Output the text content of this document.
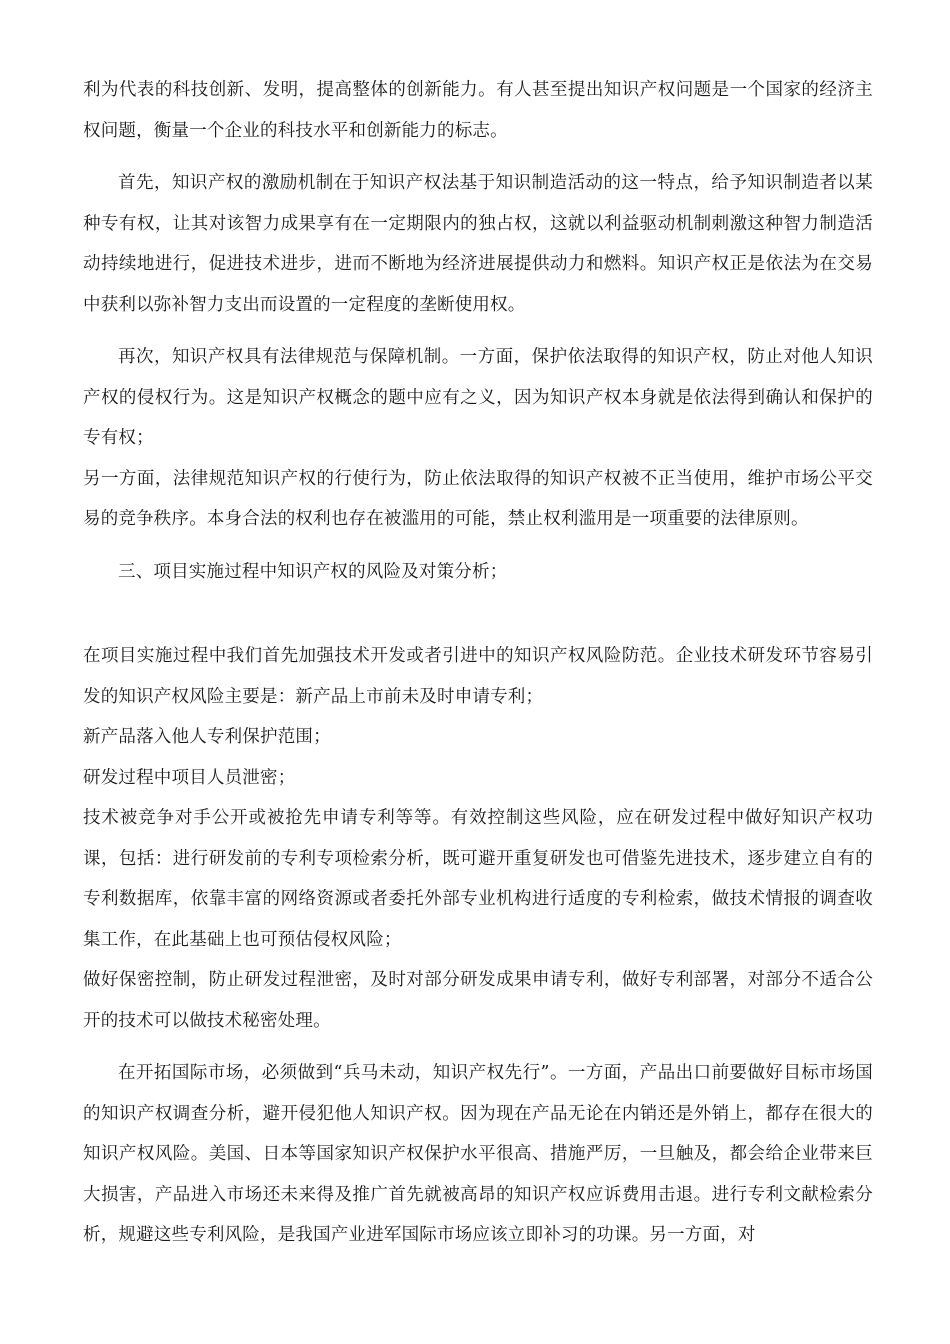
利为代表的科技创新、发明，提高整体的创新能力。有人甚至提出知识产权问题是一个国家的经济主权问题，衡量一个企业的科技水平和创新能力的标志。

首先，知识产权的激励机制在于知识产权法基于知识制造活动的这一特点，给予知识制造者以某种专有权，让其对该智力成果享有在一定期限内的独占权，这就以利益驱动机制刺激这种智力制造活动持续地进行，促进技术进步，进而不断地为经济进展提供动力和燃料。知识产权正是依法为在交易中获利以弥补智力支出而设置的一定程度的垄断使用权。

再次，知识产权具有法律规范与保障机制。一方面，保护依法取得的知识产权，防止对他人知识产权的侵权行为。这是知识产权概念的题中应有之义，因为知识产权本身就是依法得到确认和保护的专有权；

另一方面，法律规范知识产权的行使行为，防止依法取得的知识产权被不正当使用，维护市场公平交易的竞争秩序。本身合法的权利也存在被滥用的可能，禁止权利滥用是一项重要的法律原则。

三、项目实施过程中知识产权的风险及对策分析；

在项目实施过程中我们首先加强技术开发或者引进中的知识产权风险防范。企业技术研发环节容易引发的知识产权风险主要是：新产品上市前未及时申请专利；

新产品落入他人专利保护范围；

研发过程中项目人员泄密；

技术被竞争对手公开或被抢先申请专利等等。有效控制这些风险，应在研发过程中做好知识产权功课，包括：进行研发前的专利专项检索分析，既可避开重复研发也可借鉴先进技术，逐步建立自有的专利数据库，依靠丰富的网络资源或者委托外部专业机构进行适度的专利检索，做技术情报的调查收集工作，在此基础上也可预估侵权风险；

做好保密控制，防止研发过程泄密，及时对部分研发成果申请专利，做好专利部署，对部分不适合公开的技术可以做技术秘密处理。

在开拓国际市场，必须做到“兵马未动，知识产权先行”。一方面，产品出口前要做好目标市场国的知识产权调查分析，避开侵犯他人知识产权。因为现在产品无论在内销还是外销上，都存在很大的知识产权风险。美国、日本等国家知识产权保护水平很高、措施严厉，一旦触及，都会给企业带来巨大损害，产品进入市场还未来得及推广首先就被高昂的知识产权应诉费用击退。进行专利文献检索分析，规避这些专利风险，是我国产业进军国际市场应该立即补习的功课。另一方面，对
